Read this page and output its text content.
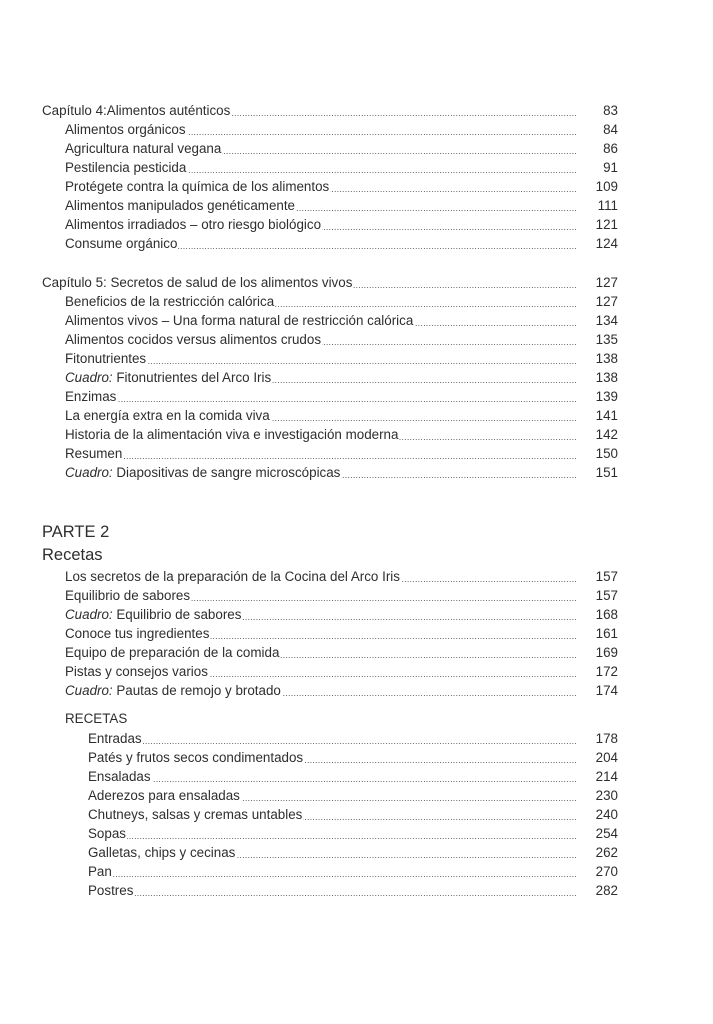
Capítulo 4:Alimentos auténticos .....	83
Alimentos orgánicos .....	84
Agricultura natural vegana .....	86
Pestilencia pesticida .....	91
Protégete contra la química de los alimentos .....	109
Alimentos manipulados genéticamente .....	111
Alimentos irradiados – otro riesgo biológico .....	121
Consume orgánico .....	124
Capítulo 5: Secretos de salud de los alimentos vivos .....	127
Beneficios de la restricción calórica .....	127
Alimentos vivos – Una forma natural de restricción calórica .....	134
Alimentos cocidos versus alimentos crudos .....	135
Fitonutrientes .....	138
Cuadro: Fitonutrientes del Arco Iris .....	138
Enzimas .....	139
La energía extra en la comida viva .....	141
Historia de la alimentación viva e investigación moderna .....	142
Resumen .....	150
Cuadro: Diapositivas de sangre microscópicas .....	151
PARTE 2
Recetas
Los secretos de la preparación de la Cocina del Arco Iris .....	157
Equilibrio de sabores .....	157
Cuadro: Equilibrio de sabores .....	168
Conoce tus ingredientes .....	161
Equipo de preparación de la comida .....	169
Pistas y consejos varios .....	172
Cuadro: Pautas de remojo y brotado .....	174
RECETAS
Entradas .....	178
Patés y frutos secos condimentados .....	204
Ensaladas .....	214
Aderezos para ensaladas .....	230
Chutneys, salsas y cremas untables .....	240
Sopas .....	254
Galletas, chips y cecinas .....	262
Pan .....	270
Postres .....	282
